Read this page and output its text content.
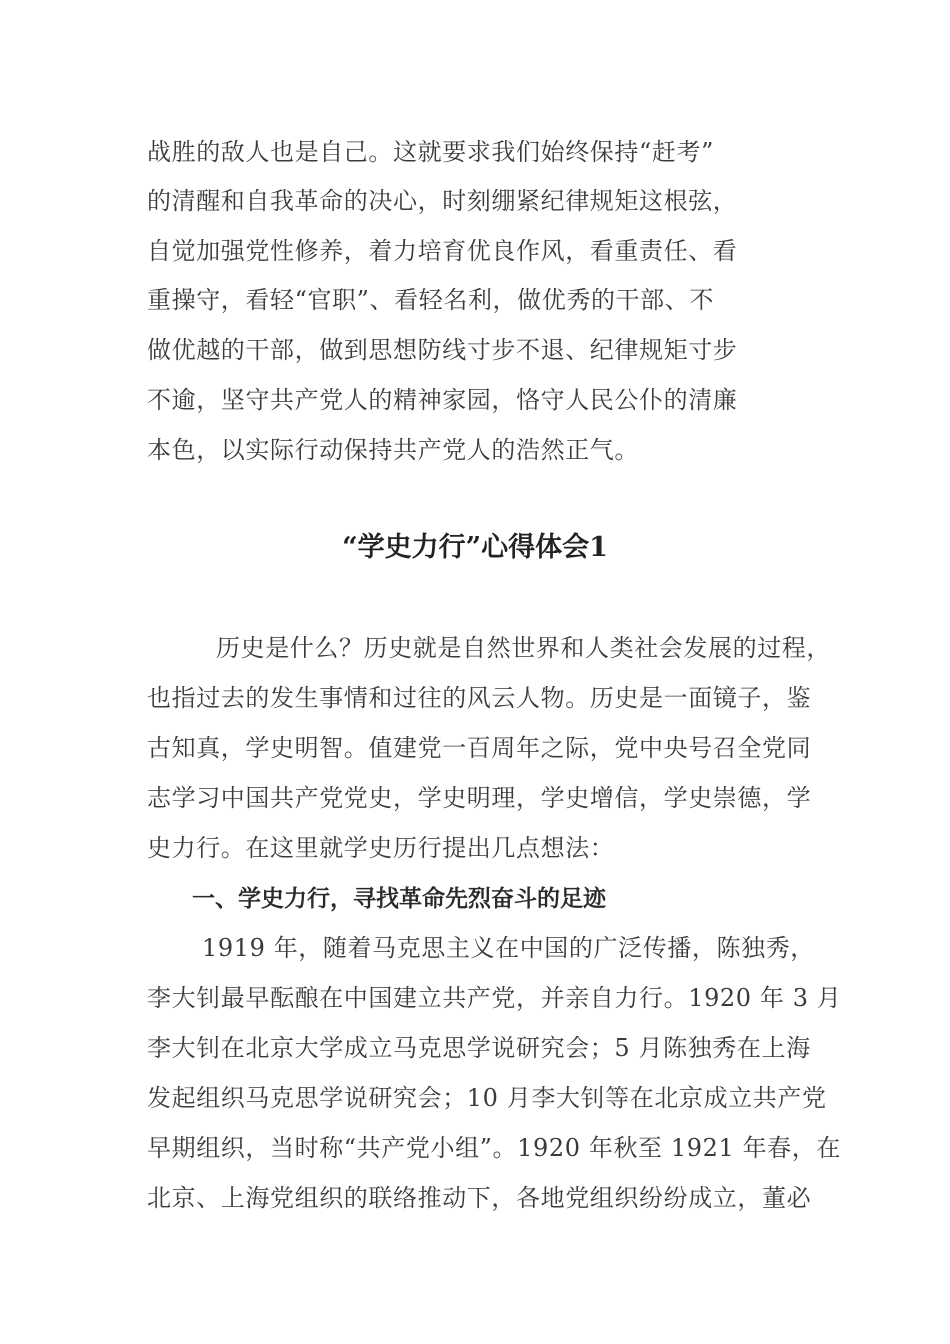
战胜的敌人也是自己。这就要求我们始终保持“赶考”
的清醒和自我革命的决心，时刻绷紧纪律规矩这根弦，
自觉加强党性修养，着力培育优良作风，看重责任、看
重操守，看轻“官职”、看轻名利，做优秀的干部、不
做优越的干部，做到思想防线寸步不退、纪律规矩寸步
不逾，坚守共产党人的精神家园，恪守人民公仆的清廉
本色，以实际行动保持共产党人的浩然正气。
“学史力行”心得体会1
历史是什么？历史就是自然世界和人类社会发展的过程，
也指过去的发生事情和过往的风云人物。历史是一面镜子，鉴
古知真，学史明智。值建党一百周年之际，党中央号召全党同
志学习中国共产党党史，学史明理，学史增信，学史崇德，学
史力行。在这里就学史历行提出几点想法：
一、学史力行，寻找革命先烈奋斗的足迹
1919 年，随着马克思主义在中国的广泛传播，陈独秀，
李大钊最早酝酿在中国建立共产党，并亲自力行。1920 年 3 月
李大钊在北京大学成立马克思学说研究会；5 月陈独秀在上海
发起组织马克思学说研究会；10 月李大钊等在北京成立共产党
早期组织，当时称“共产党小组”。1920 年秋至 1921 年春，在
北京、上海党组织的联络推动下，各地党组织纷纷成立，董必
